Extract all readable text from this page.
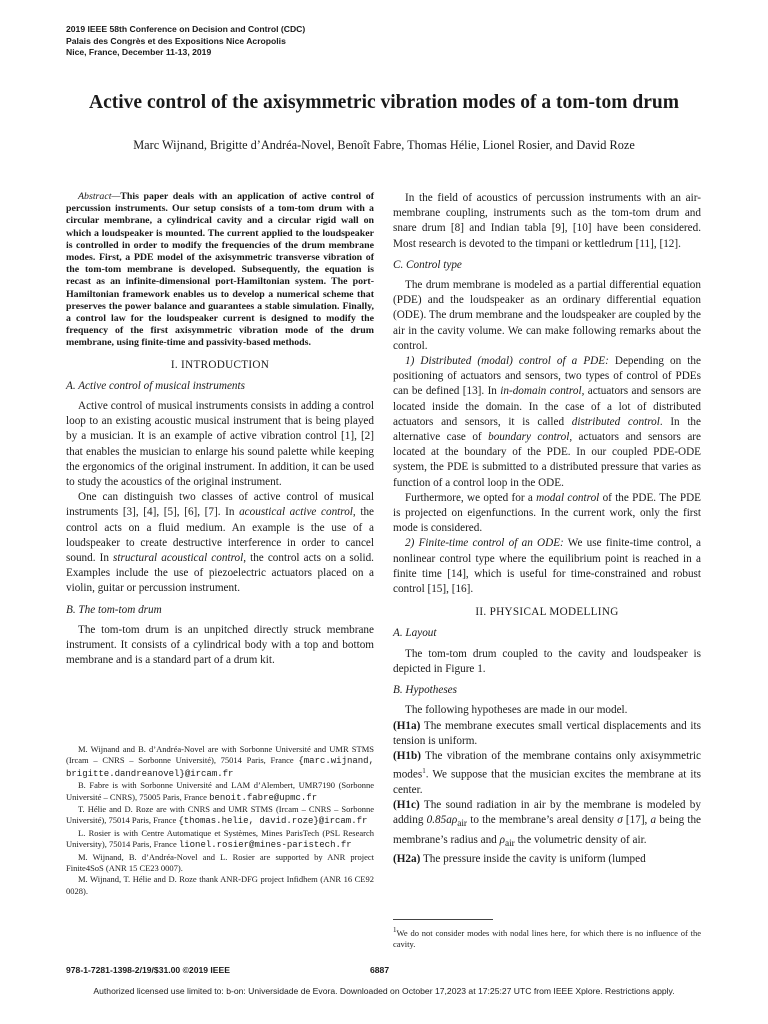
2019 IEEE 58th Conference on Decision and Control (CDC)
Palais des Congrès et des Expositions Nice Acropolis
Nice, France, December 11-13, 2019
Active control of the axisymmetric vibration modes of a tom-tom drum
Marc Wijnand, Brigitte d’Andréa-Novel, Benoît Fabre, Thomas Hélie, Lionel Rosier, and David Roze

Abstract—This paper deals with an application of active control of percussion instruments. Our setup consists of a tom-tom drum with a circular membrane, a cylindrical cavity and a circular rigid wall on which a loudspeaker is mounted. The current applied to the loudspeaker is controlled in order to modify the frequencies of the drum membrane modes. First, a PDE model of the axisymmetric transverse vibration of the tom-tom membrane is developed. Subsequently, the equation is recast as an infinite-dimensional port-Hamiltonian system. The port-Hamiltonian framework enables us to develop a numerical scheme that preserves the power balance and guarantees a stable simulation. Finally, a control law for the loudspeaker current is designed to modify the frequency of the first axisymmetric vibration mode of the drum membrane, using finite-time and passivity-based methods.

I. INTRODUCTION
A. Active control of musical instruments

Active control of musical instruments consists in adding a control loop to an existing acoustic musical instrument that is being played by a musician. It is an example of active vibration control [1], [2] that enables the musician to enlarge his sound palette while keeping the ergonomics of the original instrument. In addition, it can be used to study the acoustics of the original instrument.

One can distinguish two classes of active control of musical instruments [3], [4], [5], [6], [7]. In acoustical active control, the control acts on a fluid medium. An example is the use of a loudspeaker to create destructive interference in order to cancel sound. In structural acoustical control, the control acts on a solid. Examples include the use of piezoelectric actuators placed on a violin, guitar or percussion instrument.

B. The tom-tom drum

The tom-tom drum is an unpitched directly struck membrane instrument. It consists of a cylindrical body with a top and bottom membrane and is a standard part of a drum kit.

M. Wijnand and B. d’Andréa-Novel are with Sorbonne Université and UMR STMS (Ircam – CNRS – Sorbonne Université), 75014 Paris, France {marc.wijnand, brigitte.dandreanovel}@ircam.fr

B. Fabre is with Sorbonne Université and LAM d’Alembert, UMR7190 (Sorbonne Université – CNRS), 75005 Paris, France benoit.fabre@upmc.fr

T. Hélie and D. Roze are with CNRS and UMR STMS (Ircam – CNRS – Sorbonne Université), 75014 Paris, France {thomas.helie, david.roze}@ircam.fr

L. Rosier is with Centre Automatique et Systèmes, Mines ParisTech (PSL Research University), 75014 Paris, France lionel.rosier@mines-paristech.fr

M. Wijnand, B. d’Andréa-Novel and L. Rosier are supported by ANR project Finite4SoS (ANR 15 CE23 0007).

M. Wijnand, T. Hélie and D. Roze thank ANR-DFG project Infidhem (ANR 16 CE92 0028).

In the field of acoustics of percussion instruments with an air-membrane coupling, instruments such as the tom-tom drum and snare drum [8] and Indian tabla [9], [10] have been considered. Most research is devoted to the timpani or kettledrum [11], [12].

C. Control type

The drum membrane is modeled as a partial differential equation (PDE) and the loudspeaker as an ordinary differential equation (ODE). The drum membrane and the loudspeaker are coupled by the air in the cavity volume. We can make following remarks about the control.

1) Distributed (modal) control of a PDE: Depending on the positioning of actuators and sensors, two types of control of PDEs can be defined [13]. In in-domain control, actuators and sensors are located inside the domain. In the case of a lot of distributed actuators and sensors, it is called distributed control. In the alternative case of boundary control, actuators and sensors are located at the boundary of the PDE. In our coupled PDE-ODE system, the PDE is submitted to a distributed pressure that varies as function of a control loop in the ODE.

Furthermore, we opted for a modal control of the PDE. The PDE is projected on eigenfunctions. In the current work, only the first mode is considered.

2) Finite-time control of an ODE: We use finite-time control, a nonlinear control type where the equilibrium point is reached in a finite time [14], which is useful for time-constrained and robust control [15], [16].

II. PHYSICAL MODELLING
A. Layout

The tom-tom drum coupled to the cavity and loudspeaker is depicted in Figure 1.

B. Hypotheses

The following hypotheses are made in our model.

(H1a) The membrane executes small vertical displacements and its tension is uniform.

(H1b) The vibration of the membrane contains only axisymmetric modes$^1$. We suppose that the musician excites the membrane at its center.

(H1c) The sound radiation in air by the membrane is modeled by adding $0.85a\rho_{air}$ to the membrane’s areal density σ [17], a being the membrane’s radius and $\rho_{air}$ the volumetric density of air.

(H2a) The pressure inside the cavity is uniform (lumped

$^1$We do not consider modes with nodal lines here, for which there is no influence of the cavity.
978-1-7281-1398-2/19/$31.00 ©2019 IEEE	6887
Authorized licensed use limited to: b-on: Universidade de Evora. Downloaded on October 17,2023 at 17:25:27 UTC from IEEE Xplore. Restrictions apply.
